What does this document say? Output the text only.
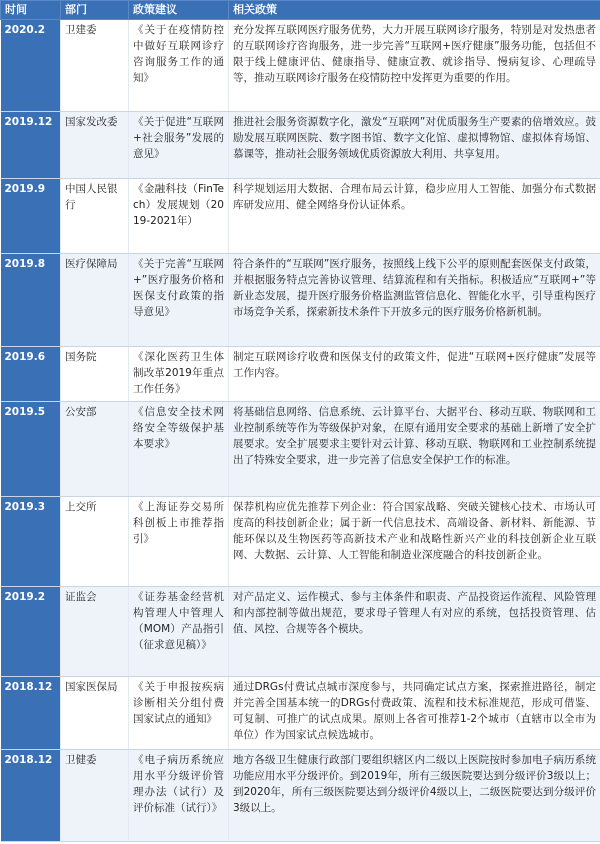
时间	部门	政策建议	相关政策
2020.2	卫建委	《关于在疫情防控中做好互联网诊疗咨询服务工作的通知》	充分发挥互联网医疗服务优势，大力开展互联网诊疗服务，特别是对发热患者的互联网诊疗咨询服务，进一步完善“互联网+医疗健康”服务功能，包括但不限于线上健康评估、健康指导、健康宣教、就诊指导、慢病复诊、心理疏导等，推动互联网诊疗服务在疫情防控中发挥更为重要的作用。
2019.12	国家发改委	《关于促进“互联网+社会服务”发展的意见》	推进社会服务资源数字化，激发“互联网”对优质服务生产要素的倍增效应。鼓励发展互联网医院、数字图书馆、数字文化馆、虚拟博物馆、虚拟体育场馆、慕课等，推动社会服务领域优质资源放大利用、共享复用。
2019.9	中国人民银行	《金融科技（FinTech）发展规划（2019-2021年）	科学规划运用大数据、合理布局云计算，稳步应用人工智能、加强分布式数据库研发应用、健全网络身份认证体系。
2019.8	医疗保障局	《关于完善“互联网+”医疗服务价格和医保支付政策的指导意见》	符合条件的“互联网”医疗服务，按照线上线下公平的原则配套医保支付政策，并根据服务特点完善协议管理、结算流程和有关指标。积极适应“互联网+”等新业态发展，提升医疗服务价格监测监管信息化、智能化水平，引导重构医疗市场竞争关系，探索新技术条件下开放多元的医疗服务价格新机制。
2019.6	国务院	《深化医药卫生体制改革2019年重点工作任务》	制定互联网诊疗收费和医保支付的政策文件，促进“互联网+医疗健康”发展等工作内容。
2019.5	公安部	《信息安全技术网络安全等级保护基本要求》	将基础信息网络、信息系统、云计算平台、大据平台、移动互联、物联网和工业控制系统等作为等级保护对象，在原有通用安全要求的基础上新增了安全扩展要求。安全扩展要求主要针对云计算、移动互联、物联网和工业控制系统提出了特殊安全要求，进一步完善了信息安全保护工作的标准。
2019.3	上交所	《上海证券交易所科创板上市推荐指引》	保荐机构应优先推荐下列企业：符合国家战略、突破关键核心技术、市场认可度高的科技创新企业；属于新一代信息技术、高端设备、新材料、新能源、节能环保以及生物医药等高新技术产业和战略性新兴产业的科技创新企业互联网、大数据、云计算、人工智能和制造业深度融合的科技创新企业。
2019.2	证监会	《证券基金经营机构管理人中管理人（MOM）产品指引（征求意见稿）》	对产品定义、运作模式、参与主体条件和职责、产品投资运作流程、风险管理和内部控制等做出规范，要求母子管理人有对应的系统，包括投资管理、估值、风控、合规等各个模块。
2018.12	国家医保局	《关于申报按疾病诊断相关分组付费国家试点的通知》	通过DRGs付费试点城市深度参与，共同确定试点方案，探索推进路径，制定并完善全国基本统一的DRGs付费政策、流程和技术标准规范，形成可借鉴、可复制、可推广的试点成果。原则上各省可推荐1-2个城市（直辖市以全市为单位）作为国家试点候选城市。
2018.12	卫健委	《电子病历系统应用水平分级评价管理办法（试行）及评价标准（试行）》	地方各级卫生健康行政部门要组织辖区内二级以上医院按时参加电子病历系统功能应用水平分级评价。到2019年，所有三级医院要达到分级评价3级以上；到2020年，所有三级医院要达到分级评价4级以上，二级医院要达到分级评价3级以上。
